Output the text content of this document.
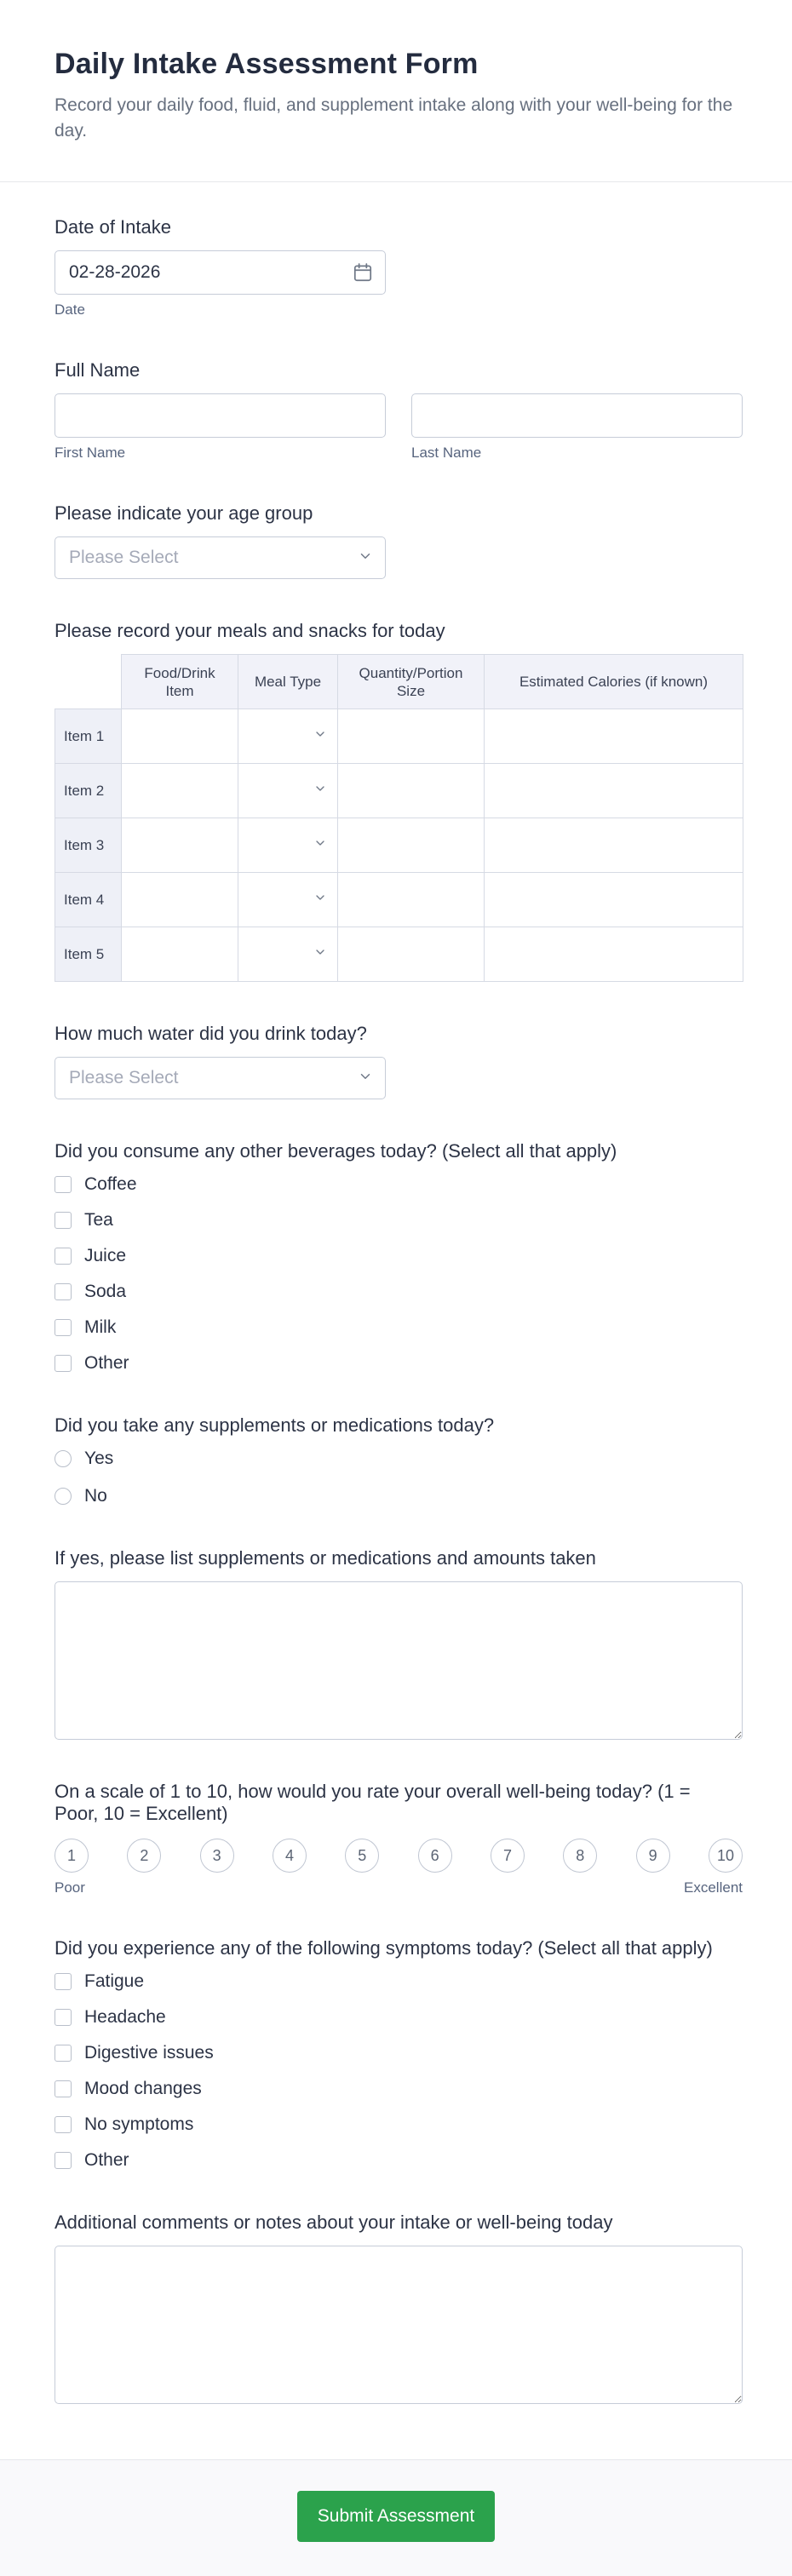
Daily Intake Assessment Form

Record your daily food, fluid, and supplement intake along with your well-being for the day.

Date of Intake
02-28-2026
Date
Full Name
First Name	Last Name
Please indicate your age group
Please Select
Please record your meals and snacks for today
	Food/Drink Item	Meal Type	Quantity/Portion Size	Estimated Calories (if known)
Item 1				
Item 2				
Item 3				
Item 4				
Item 5				
How much water did you drink today?
Please Select
Did you consume any other beverages today? (Select all that apply)
Coffee
Tea
Juice
Soda
Milk
Other
Did you take any supplements or medications today?
Yes
No
If yes, please list supplements or medications and amounts taken
On a scale of 1 to 10, how would you rate your overall well-being today? (1 = Poor, 10 = Excellent)
1	2	3	4	5	6	7	8	9	10
Poor	Excellent
Did you experience any of the following symptoms today? (Select all that apply)
Fatigue
Headache
Digestive issues
Mood changes
No symptoms
Other
Additional comments or notes about your intake or well-being today
Submit Assessment
